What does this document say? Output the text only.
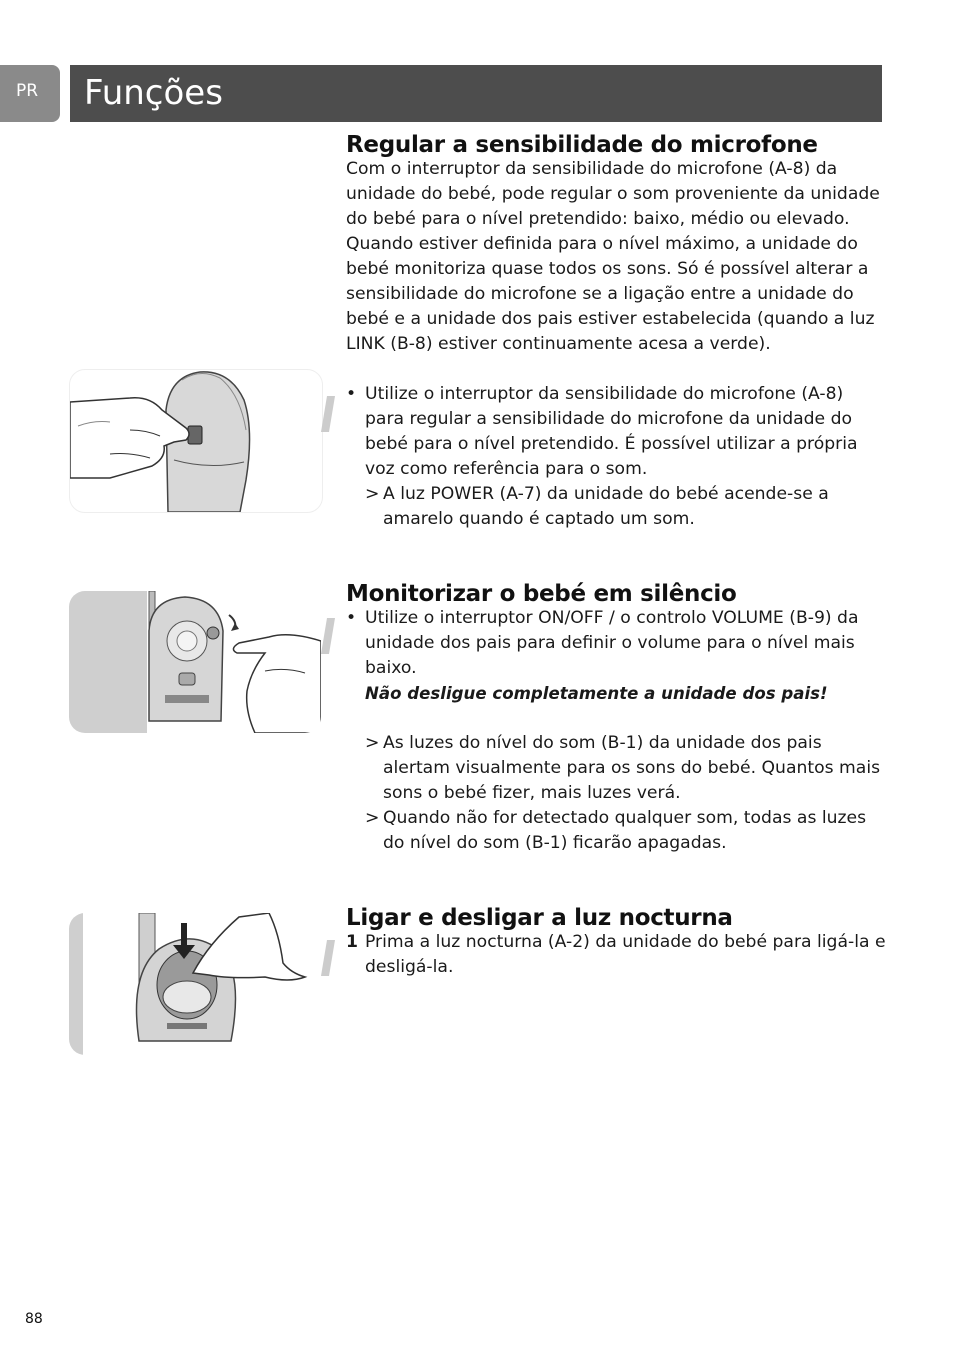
PR	Funções
Regular a sensibilidade do microfone

Com o interruptor da sensibilidade do microfone (A-8) da unidade do bebé, pode regular o som proveniente da unidade do bebé para o nível pretendido: baixo, médio ou elevado. Quando estiver definida para o nível máximo, a unidade do bebé monitoriza quase todos os sons. Só é possível alterar a sensibilidade do microfone se a ligação entre a unidade do bebé e a unidade dos pais estiver estabelecida (quando a luz LINK (B-8) estiver continuamente acesa a verde).

• Utilize o interruptor da sensibilidade do microfone (A-8) para regular a sensibilidade do microfone da unidade do bebé para o nível pretendido. É possível utilizar a própria voz como referência para o som.
> A luz POWER (A-7) da unidade do bebé acende-se a amarelo quando é captado um som.
Monitorizar o bebé em silêncio
• Utilize o interruptor ON/OFF / o controlo VOLUME (B-9) da unidade dos pais para definir o volume para o nível mais baixo.

Não desligue completamente a unidade dos pais!

> As luzes do nível do som (B-1) da unidade dos pais alertam visualmente para os sons do bebé. Quantos mais sons o bebé fizer, mais luzes verá.
> Quando não for detectado qualquer som, todas as luzes do nível do som (B-1) ficarão apagadas.
Ligar e desligar a luz nocturna
1 Prima a luz nocturna (A-2) da unidade do bebé para ligá-la e desligá-la.
88
